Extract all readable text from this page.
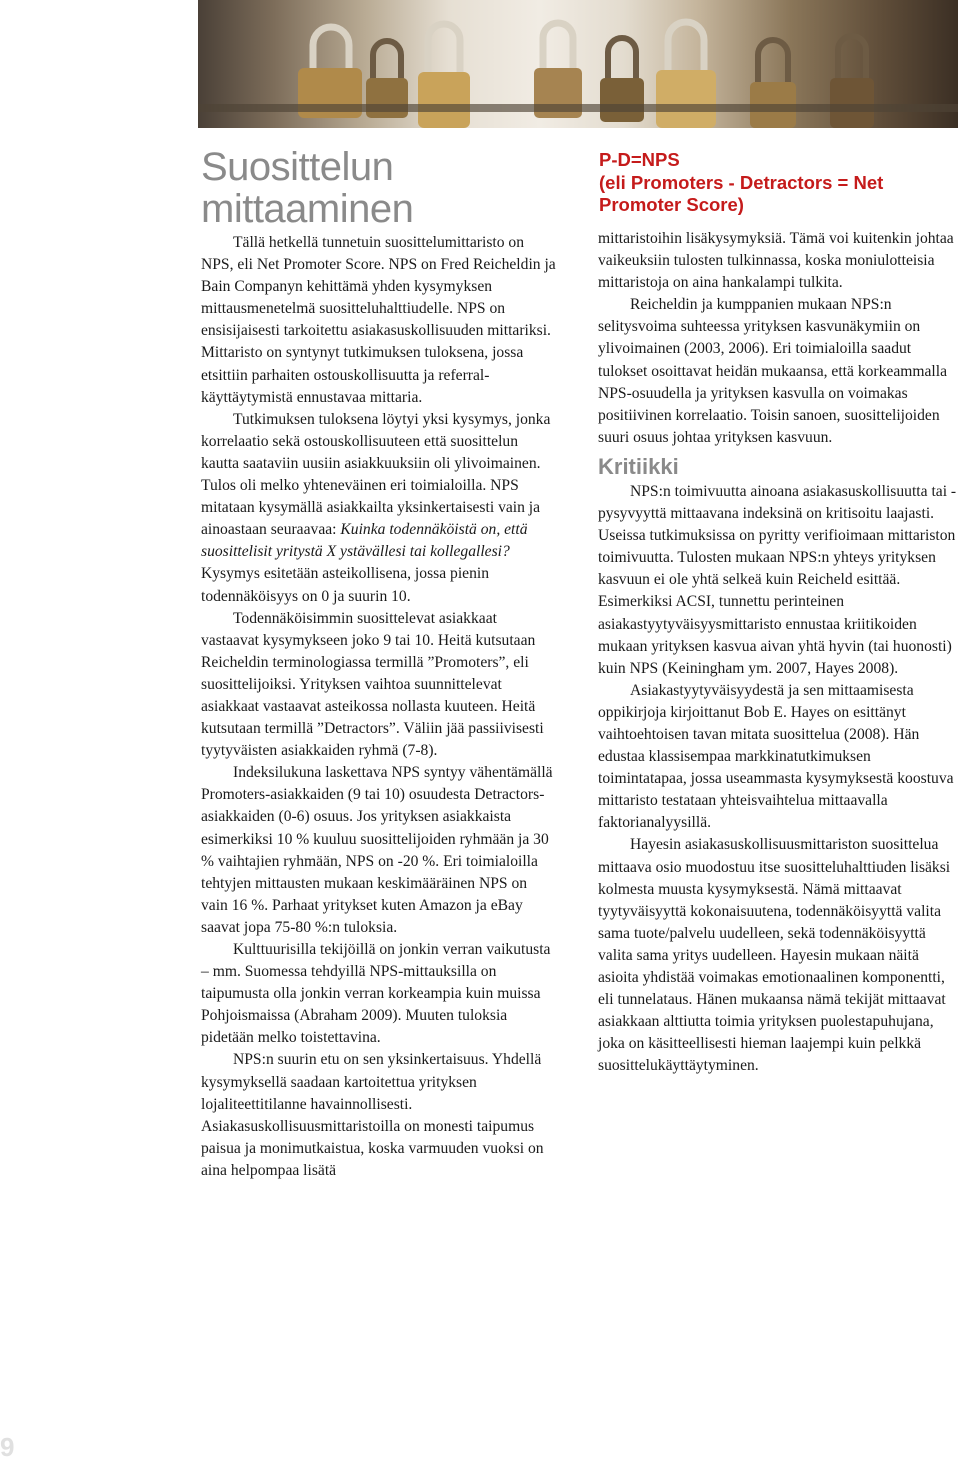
Suosittelun mittaaminen

Tällä hetkellä tunnetuin suosittelumittaristo on NPS, eli Net Promoter Score. NPS on Fred Reicheldin ja Bain Companyn kehittämä yhden kysymyksen mittausmenetelmä suositteluhalttiudelle. NPS on ensisijaisesti tarkoitettu asiakasuskollisuuden mittariksi. Mittaristo on syntynyt tutkimuksen tuloksena, jossa etsittiin parhaiten ostouskollisuutta ja referral-käyttäytymistä ennustavaa mittaria.

Tutkimuksen tuloksena löytyi yksi kysymys, jonka korrelaatio sekä ostouskollisuuteen että suosittelun kautta saataviin uusiin asiakkuuksiin oli ylivoimainen. Tulos oli melko yhteneväinen eri toimialoilla. NPS mitataan kysymällä asiakkailta yksinkertaisesti vain ja ainoastaan seuraavaa: Kuinka todennäköistä on, että suosittelisit yritystä X ystävällesi tai kollegallesi? Kysymys esitetään asteikollisena, jossa pienin todennäköisyys on 0 ja suurin 10.

Todennäköisimmin suosittelevat asiakkaat vastaavat kysymykseen joko 9 tai 10. Heitä kutsutaan Reicheldin terminologiassa termillä ”Promoters”, eli suosittelijoiksi. Yrityksen vaihtoa suunnittelevat asiakkaat vastaavat asteikossa nollasta kuuteen. Heitä kutsutaan termillä ”Detractors”. Väliin jää passiivisesti tyytyväisten asiakkaiden ryhmä (7-8).

Indeksilukuna laskettava NPS syntyy vähentämällä Promoters-asiakkaiden (9 tai 10) osuudesta Detractors-asiakkaiden (0-6) osuus. Jos yrityksen asiakkaista esimerkiksi 10 % kuuluu suosittelijoiden ryhmään ja 30 % vaihtajien ryhmään, NPS on -20 %. Eri toimialoilla tehtyjen mittausten mukaan keskimääräinen NPS on vain 16 %. Parhaat yritykset kuten Amazon ja eBay saavat jopa 75-80 %:n tuloksia.

Kulttuurisilla tekijöillä on jonkin verran vaikutusta – mm. Suomessa tehdyillä NPS-mittauksilla on taipumusta olla jonkin verran korkeampia kuin muissa Pohjoismaissa (Abraham 2009). Muuten tuloksia pidetään melko toistettavina.

NPS:n suurin etu on sen yksinkertaisuus. Yhdellä kysymyksellä saadaan kartoitettua yrityksen lojaliteettitilanne havainnollisesti. Asiakasuskollisuusmittaristoilla on monesti taipumus paisua ja monimutkaistua, koska varmuuden vuoksi on aina helpompaa lisätä

P-D=NPS
(eli Promoters - Detractors = Net Promoter Score)

mittaristoihin lisäkysymyksiä. Tämä voi kuitenkin johtaa vaikeuksiin tulosten tulkinnassa, koska moniulotteisia mittaristoja on aina hankalampi tulkita.

Reicheldin ja kumppanien mukaan NPS:n selitysvoima suhteessa yrityksen kasvunäkymiin on ylivoimainen (2003, 2006). Eri toimialoilla saadut tulokset osoittavat heidän mukaansa, että korkeammalla NPS-osuudella ja yrityksen kasvulla on voimakas positiivinen korrelaatio. Toisin sanoen, suosittelijoiden suuri osuus johtaa yrityksen kasvuun.

Kritiikki

NPS:n toimivuutta ainoana asiakasuskollisuutta tai -pysyvyyttä mittaavana indeksinä on kritisoitu laajasti. Useissa tutkimuksissa on pyritty verifioimaan mittariston toimivuutta. Tulosten mukaan NPS:n yhteys yrityksen kasvuun ei ole yhtä selkeä kuin Reicheld esittää. Esimerkiksi ACSI, tunnettu perinteinen asiakastyytyväisyysmittaristo ennustaa kriitikoiden mukaan yrityksen kasvua aivan yhtä hyvin (tai huonosti) kuin NPS (Keiningham ym. 2007, Hayes 2008).

Asiakastyytyväisyydestä ja sen mittaamisesta oppikirjoja kirjoittanut Bob E. Hayes on esittänyt vaihtoehtoisen tavan mitata suosittelua (2008). Hän edustaa klassisempaa markkinatutkimuksen toimintatapaa, jossa useammasta kysymyksestä koostuva mittaristo testataan yhteisvaihtelua mittaavalla faktorianalyysillä.

Hayesin asiakasuskollisuusmittariston suosittelua mittaava osio muodostuu itse suositteluhalttiuden lisäksi kolmesta muusta kysymyksestä. Nämä mittaavat tyytyväisyyttä kokonaisuutena, todennäköisyyttä valita sama tuote/palvelu uudelleen, sekä todennäköisyyttä valita sama yritys uudelleen. Hayesin mukaan näitä asioita yhdistää voimakas emotionaalinen komponentti, eli tunnelataus. Hänen mukaansa nämä tekijät mittaavat asiakkaan alttiutta toimia yrityksen puolestapuhujana, joka on käsitteellisesti hieman laajempi kuin pelkkä suosittelukäyttäytyminen.

9
